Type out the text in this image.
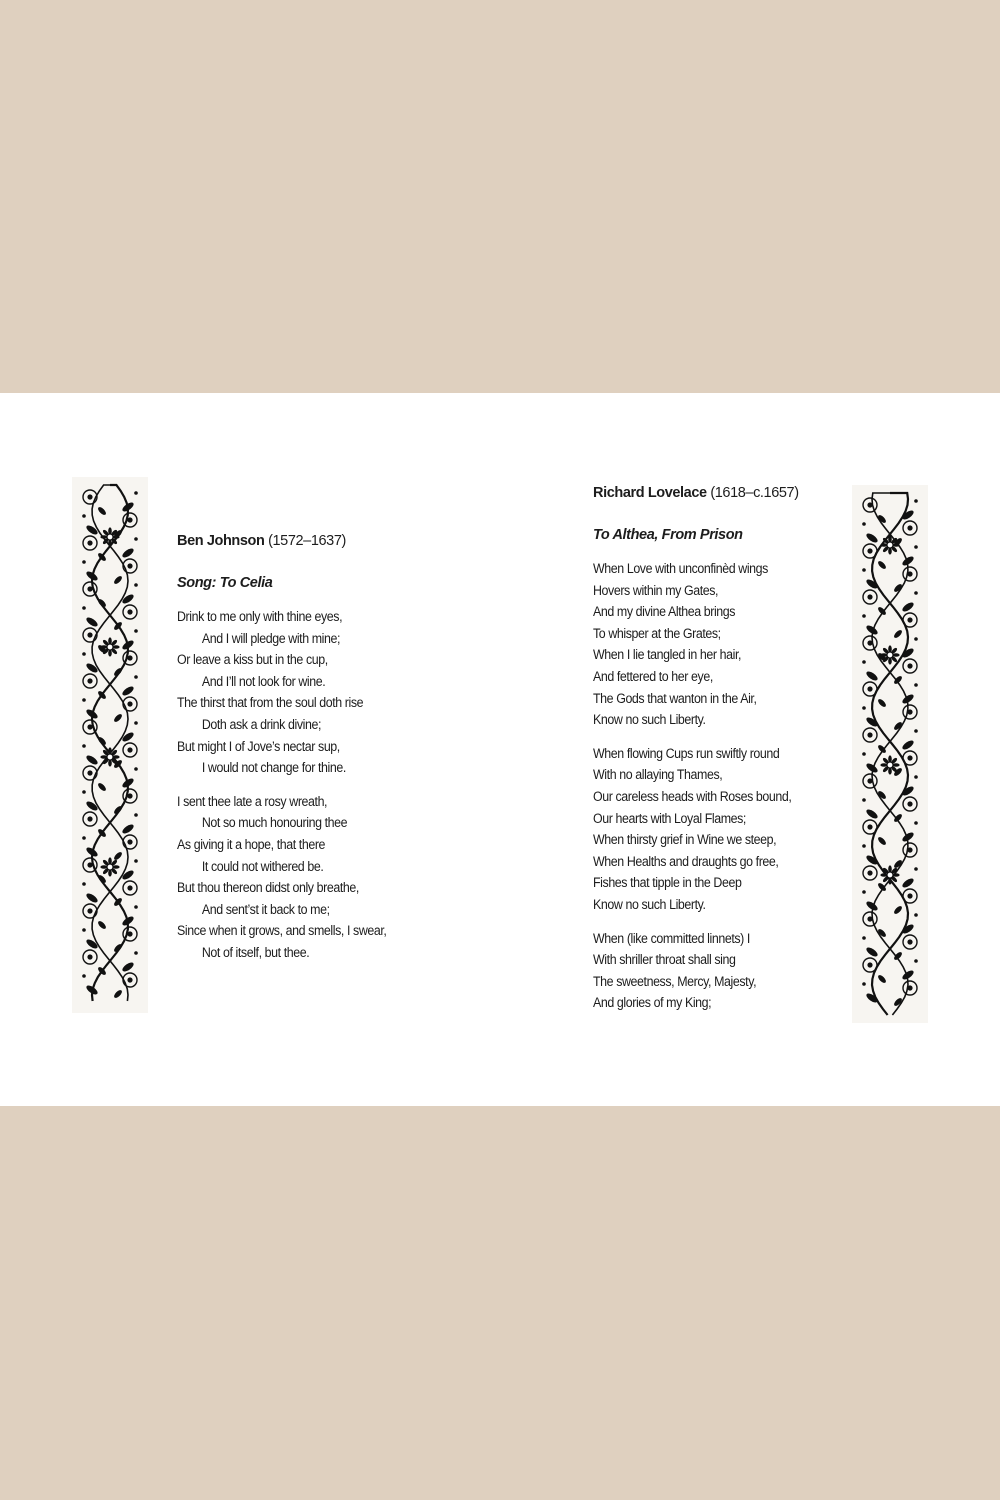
Ben Johnson (1572–1637)
Song: To Celia
Drink to me only with thine eyes,
And I will pledge with mine;
Or leave a kiss but in the cup,
And I’ll not look for wine.
The thirst that from the soul doth rise
Doth ask a drink divine;
But might I of Jove’s nectar sup,
I would not change for thine.
I sent thee late a rosy wreath,
Not so much honouring thee
As giving it a hope, that there
It could not withered be.
But thou thereon didst only breathe,
And sent’st it back to me;
Since when it grows, and smells, I swear,
Not of itself, but thee.
Richard Lovelace (1618–c.1657)
To Althea, From Prison
When Love with unconfinèd wings
Hovers within my Gates,
And my divine Althea brings
To whisper at the Grates;
When I lie tangled in her hair,
And fettered to her eye,
The Gods that wanton in the Air,
Know no such Liberty.
When flowing Cups run swiftly round
With no allaying Thames,
Our careless heads with Roses bound,
Our hearts with Loyal Flames;
When thirsty grief in Wine we steep,
When Healths and draughts go free,
Fishes that tipple in the Deep
Know no such Liberty.
When (like committed linnets) I
With shriller throat shall sing
The sweetness, Mercy, Majesty,
And glories of my King;
